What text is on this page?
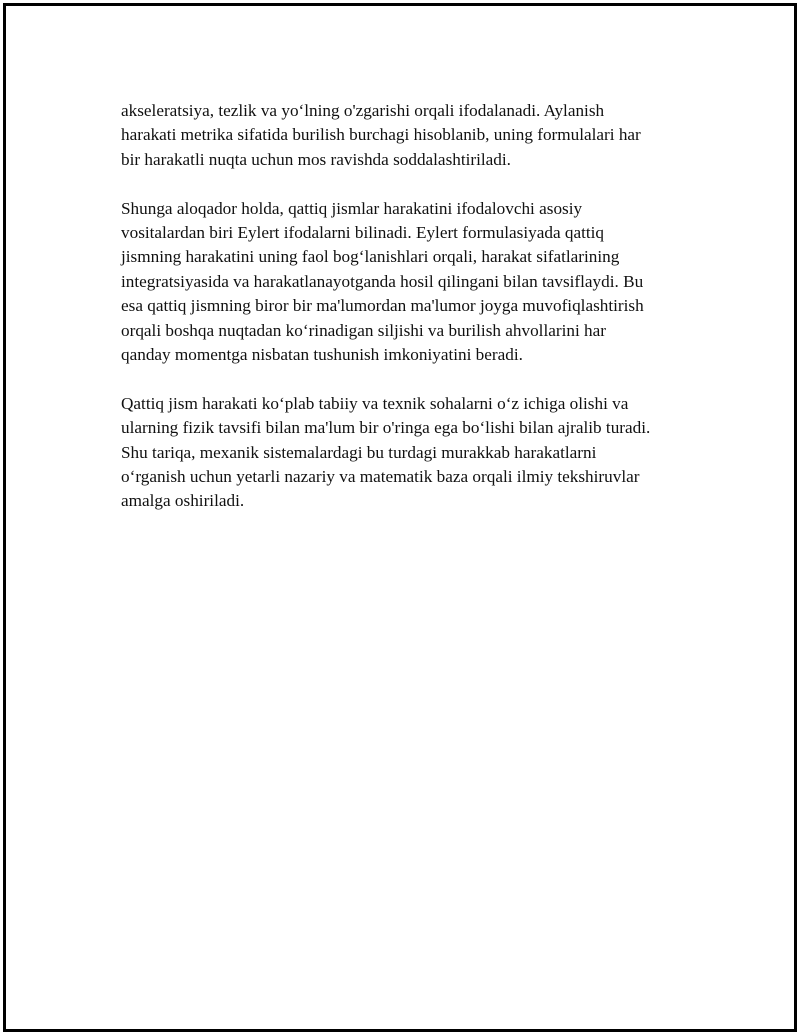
akseleratsiya, tezlik va yo‘lning o'zgarishi orqali ifodalanadi. Aylanish
harakati metrika sifatida burilish burchagi hisoblanib, uning formulalari har
bir harakatli nuqta uchun mos ravishda soddalashtiriladi.

Shunga aloqador holda, qattiq jismlar harakatini ifodalovchi asosiy
vositalardan biri Eylert ifodalarni bilinadi. Eylert formulasiyada qattiq
jismning harakatini uning faol bog‘lanishlari orqali, harakat sifatlarining
integratsiyasida va harakatlanayotganda hosil qilingani bilan tavsiflaydi. Bu
esa qattiq jismning biror bir ma'lumordan ma'lumor joyga muvofiqlashtirish
orqali boshqa nuqtadan ko‘rinadigan siljishi va burilish ahvollarini har
qanday momentga nisbatan tushunish imkoniyatini beradi.

Qattiq jism harakati ko‘plab tabiiy va texnik sohalarni o‘z ichiga olishi va
ularning fizik tavsifi bilan ma'lum bir o'ringa ega bo‘lishi bilan ajralib turadi.
Shu tariqa, mexanik sistemalardagi bu turdagi murakkab harakatlarni
o‘rganish uchun yetarli nazariy va matematik baza orqali ilmiy tekshiruvlar
amalga oshiriladi.
